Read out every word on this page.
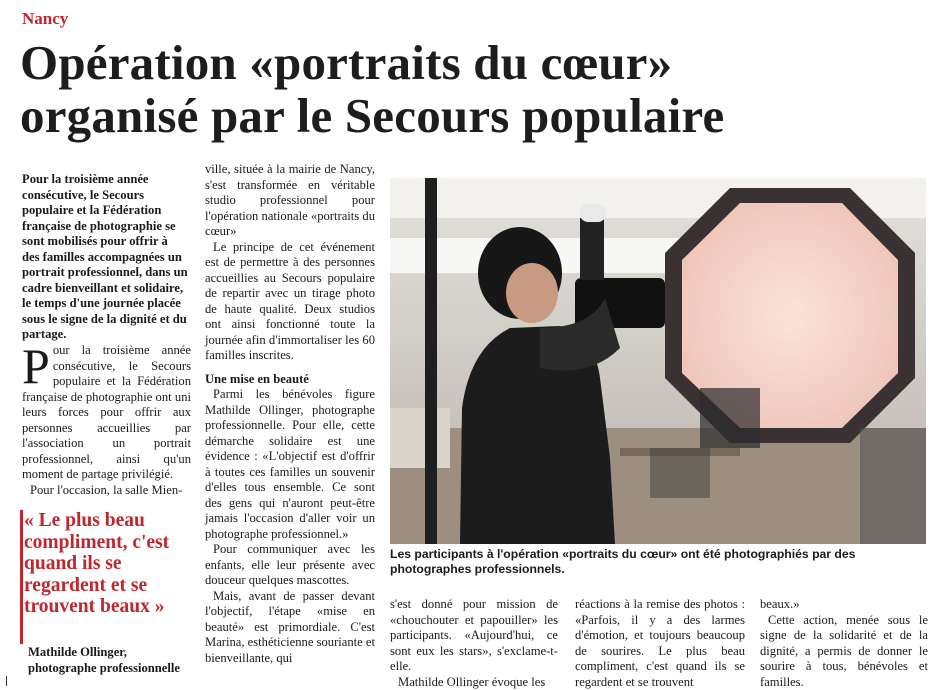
Nancy
Opération «portraits du cœur»
organisé par le Secours populaire
Pour la troisième année consécutive, le Secours populaire et la Fédération française de photographie se sont mobilisés pour offrir à des familles accompagnées un portrait professionnel, dans un cadre bienveillant et solidaire, le temps d'une journée placée sous le signe de la dignité et du partage.

Pour la troisième année consécutive, le Secours populaire et la Fédération française de photographie ont uni leurs forces pour offrir aux personnes accueillies par l'association un portrait professionnel, ainsi qu'un moment de partage privilégié.

Pour l'occasion, la salle Mien-

« Le plus beau compliment, c'est quand ils se regardent et se trouvent beaux »
Mathilde Ollinger, photographe professionnelle

ville, située à la mairie de Nancy, s'est transformée en véritable studio professionnel pour l'opération nationale «portraits du cœur»

Le principe de cet événement est de permettre à des personnes accueillies au Secours populaire de repartir avec un tirage photo de haute qualité. Deux studios ont ainsi fonctionné toute la journée afin d'immortaliser les 60 familles inscrites.

Une mise en beauté

Parmi les bénévoles figure Mathilde Ollinger, photographe professionnelle. Pour elle, cette démarche solidaire est une évidence : «L'objectif est d'offrir à toutes ces familles un souvenir d'elles tous ensemble. Ce sont des gens qui n'auront peut-être jamais l'occasion d'aller voir un photographe professionnel.»

Pour communiquer avec les enfants, elle leur présente avec douceur quelques mascottes.

Mais, avant de passer devant l'objectif, l'étape «mise en beauté» est primordiale. C'est Marina, esthéticienne souriante et bienveillante, qui

Les participants à l'opération «portraits du cœur» ont été photographiés par des photographes professionnels.

s'est donné pour mission de «chouchouter et papouiller» les participants. «Aujourd'hui, ce sont eux les stars», s'exclame-t-elle.

Mathilde Ollinger évoque les

réactions à la remise des photos : «Parfois, il y a des larmes d'émotion, et toujours beaucoup de sourires. Le plus beau compliment, c'est quand ils se regardent et se trouvent

beaux.»

Cette action, menée sous le signe de la solidarité et de la dignité, a permis de donner le sourire à tous, bénévoles et familles.
